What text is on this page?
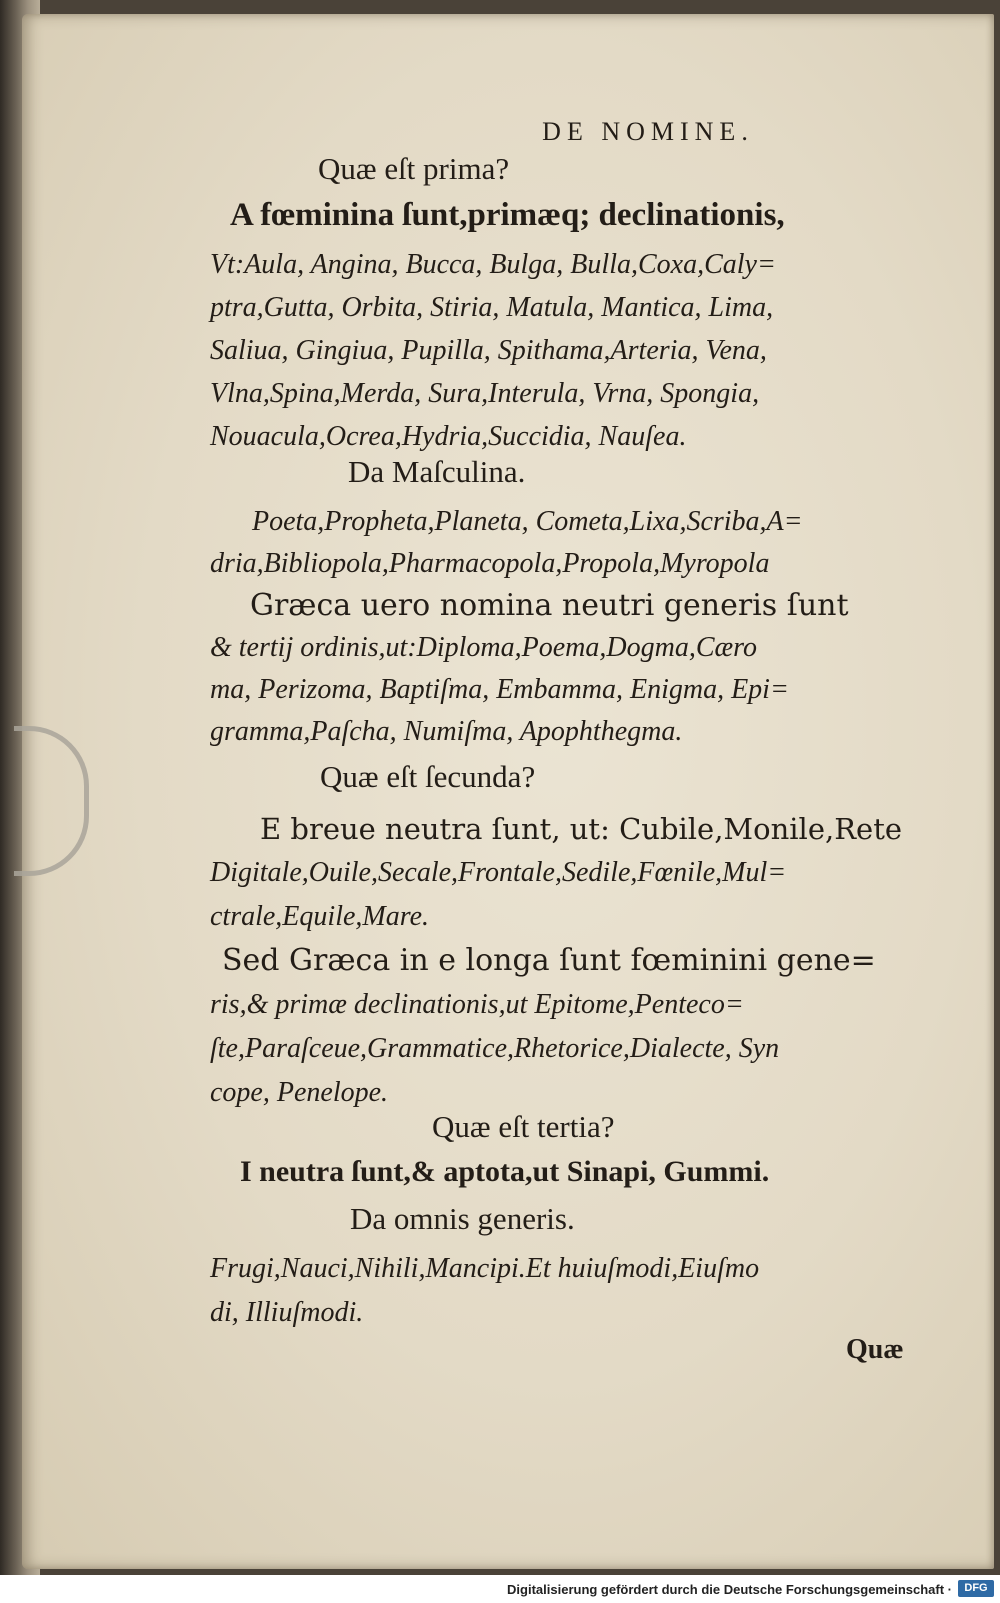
DE NOMINE.
Quæ eſt prima?
A fœminina ſunt,primæq; declinationis,
Vt:Aula, Angina, Bucca, Bulga, Bulla,Coxa,Caly=
ptra,Gutta, Orbita, Stiria, Matula, Mantica, Lima,
Saliua, Gingiua, Pupilla, Spithama,Arteria, Vena,
Vlna,Spina,Merda, Sura,Interula, Vrna, Spongia,
Nouacula,Ocrea,Hydria,Succidia, Nauſea.
Da Maſculina.
Poeta,Propheta,Planeta, Cometa,Lixa,Scriba,A=
dria,Bibliopola,Pharmacopola,Propola,Myropola
Græca uero nomina neutri generis ſunt
& tertij ordinis,ut:Diploma,Poema,Dogma,Cæro
ma, Perizoma, Baptiſma, Embamma, Enigma, Epi=
gramma,Paſcha, Numiſma, Apophthegma.
Quæ eſt ſecunda?
E breue neutra ſunt, ut: Cubile,Monile,Rete
Digitale,Ouile,Secale,Frontale,Sedile,Fœnile,Mul=
ctrale,Equile,Mare.
Sed Græca in e longa ſunt fœminini gene=
ris,& primæ declinationis,ut Epitome,Penteco=
ſte,Paraſceue,Grammatice,Rhetorice,Dialecte, Syn
cope, Penelope.
Quæ eſt tertia?
I neutra ſunt,& aptota,ut Sinapi, Gummi.
Da omnis generis.
Frugi,Nauci,Nihili,Mancipi.Et huiuſmodi,Eiuſmo
di, Illiuſmodi.
Quæ
Digitalisierung gefördert durch die Deutsche Forschungsgemeinschaft ·	DFG
